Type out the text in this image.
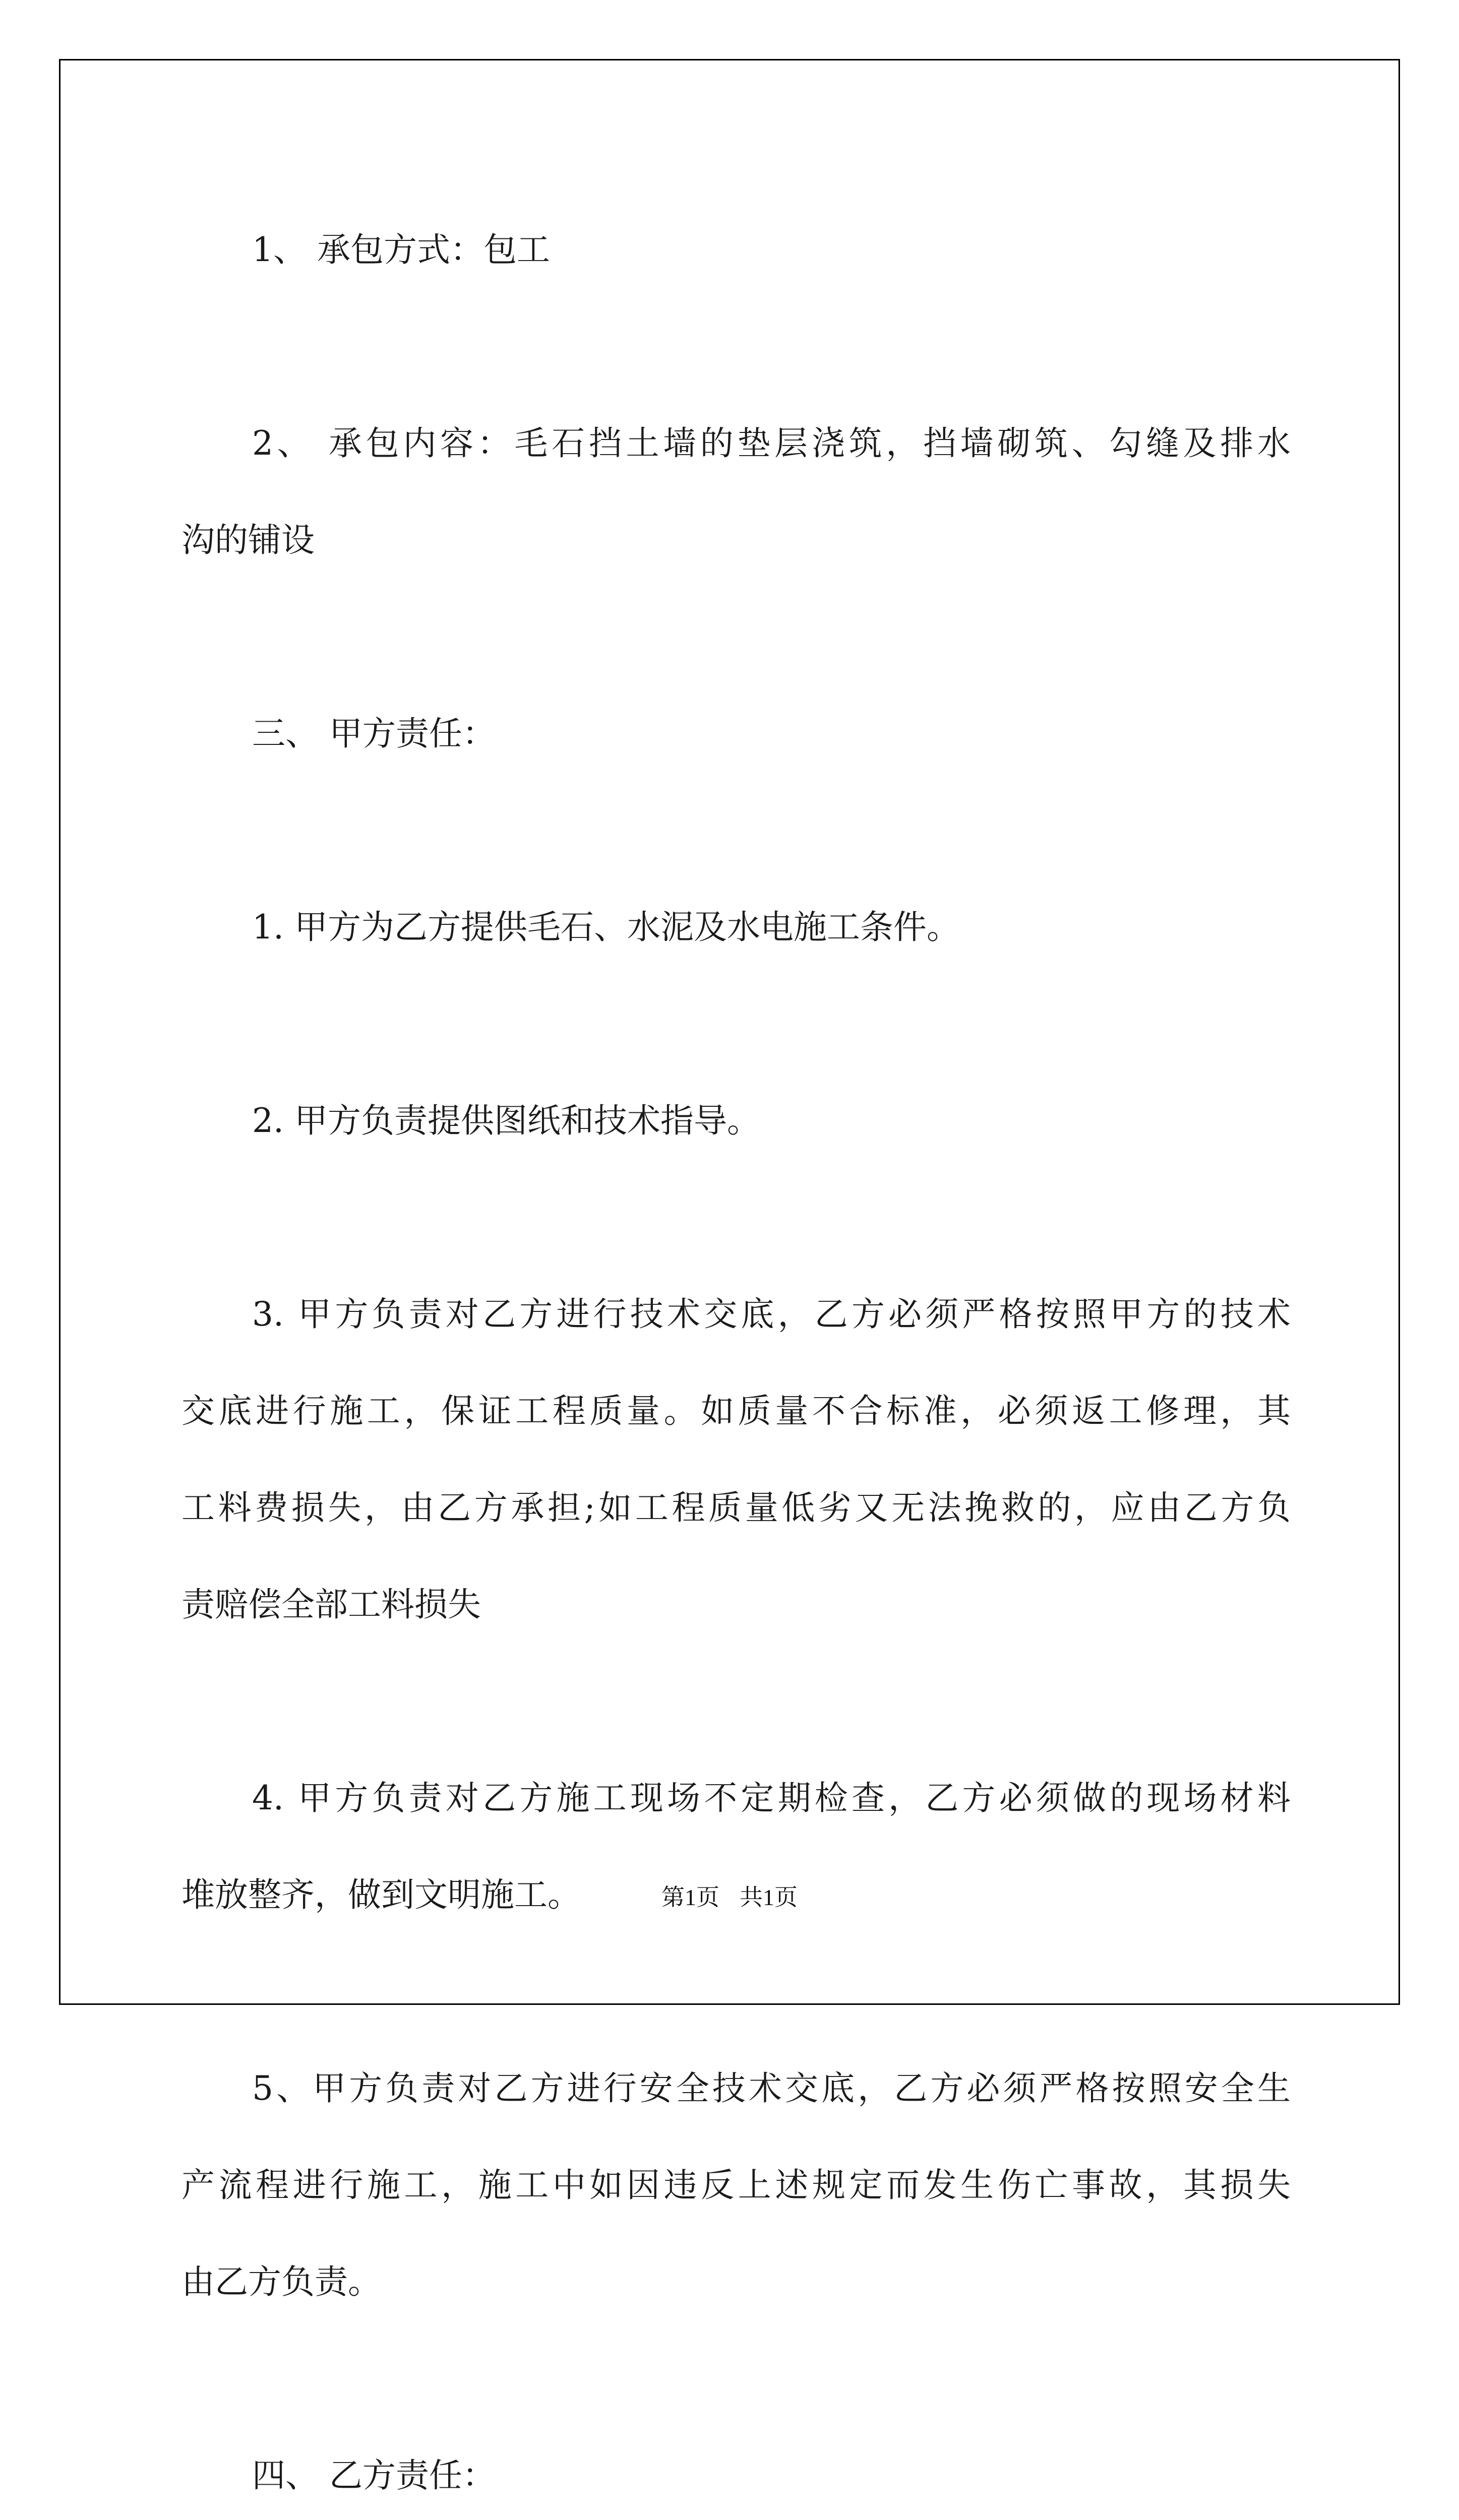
1、 承包方式：包工
2、 承包内容：毛石挡土墙的垫层浇筑，挡墙砌筑、勾缝及排水
沟的铺设
三、 甲方责任：
1. 甲方为乙方提供毛石、水泥及水电施工条件。
2. 甲方负责提供图纸和技术指导。
3. 甲方负责对乙方进行技术交底，乙方必须严格按照甲方的技术
交底进行施工，保证工程质量。如质量不合标准，必须返工修理，其
工料费损失，由乙方承担;如工程质量低劣又无法挽救的，应由乙方负
责赔偿全部工料损失
4. 甲方负责对乙方施工现场不定期检查，乙方必须做的现场材料
堆放整齐，做到文明施工。
5、甲方负责对乙方进行安全技术交底，乙方必须严格按照安全生
产流程进行施工，施工中如因违反上述规定而发生伤亡事故，其损失
由乙方负责。
四、 乙方责任：
第1页 共1页
